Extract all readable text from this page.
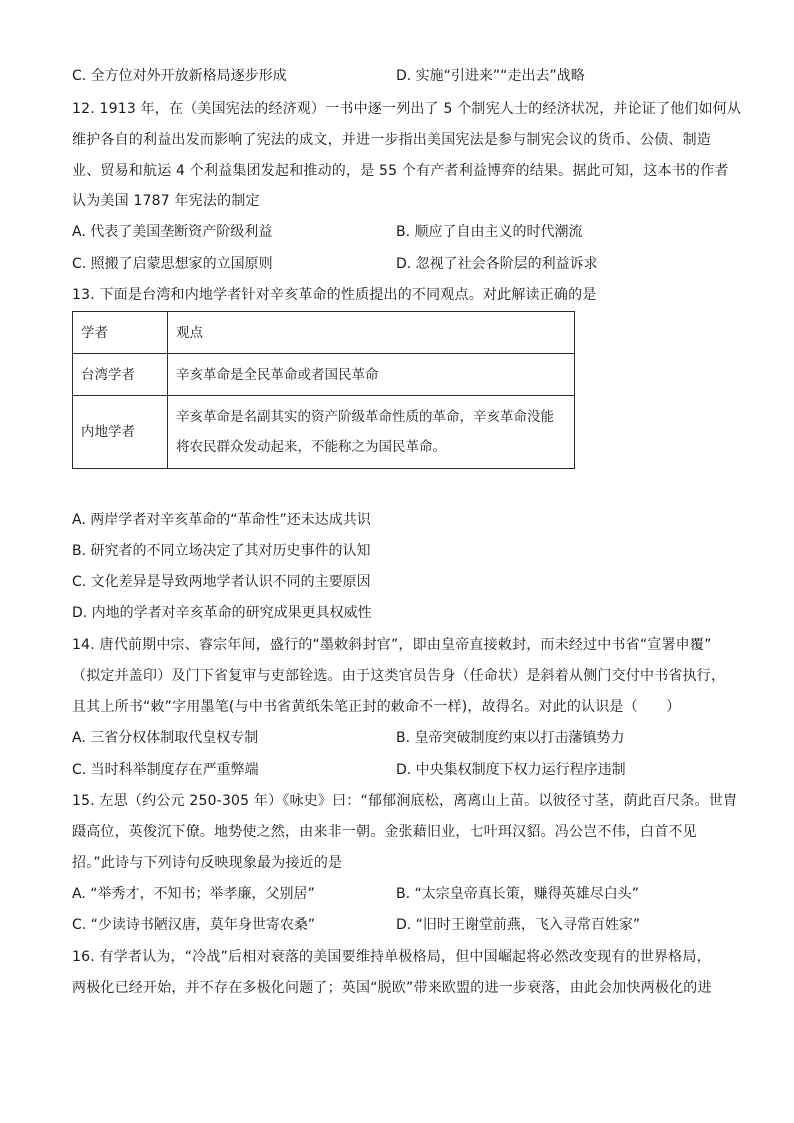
C. 全方位对外开放新格局逐步形成	D. 实施“引进来”“走出去”战略
12. 1913 年，在（美国宪法的经济观）一书中逐一列出了 5 个制宪人士的经济状况，并论证了他们如何从
维护各自的利益出发而影响了宪法的成文，并进一步指出美国宪法是参与制宪会议的货币、公债、制造
业、贸易和航运 4 个利益集团发起和推动的，是 55 个有产者利益博弈的结果。据此可知，这本书的作者
认为美国 1787 年宪法的制定
A. 代表了美国垄断资产阶级利益	B. 顺应了自由主义的时代潮流
C. 照搬了启蒙思想家的立国原则	D. 忽视了社会各阶层的利益诉求
13. 下面是台湾和内地学者针对辛亥革命的性质提出的不同观点。对此解读正确的是
学者	观点
台湾学者	辛亥革命是全民革命或者国民革命
内地学者	辛亥革命是名副其实的资产阶级革命性质的革命，辛亥革命没能
将农民群众发动起来，不能称之为国民革命。
A. 两岸学者对辛亥革命的“革命性”还未达成共识
B. 研究者的不同立场决定了其对历史事件的认知
C. 文化差异是导致两地学者认识不同的主要原因
D. 内地的学者对辛亥革命的研究成果更具权威性
14. 唐代前期中宗、睿宗年间，盛行的“墨敕斜封官”，即由皇帝直接敕封，而未经过中书省“宣署申覆”
（拟定并盖印）及门下省复审与吏部铨选。由于这类官员告身（任命状）是斜着从侧门交付中书省执行，
且其上所书“敕”字用墨笔(与中书省黄纸朱笔正封的敕命不一样)，故得名。对此的认识是（　　）
A. 三省分权体制取代皇权专制	B. 皇帝突破制度约束以打击藩镇势力
C. 当时科举制度存在严重弊端	D. 中央集权制度下权力运行程序违制
15. 左思（约公元 250-305 年）《咏史》曰：“郁郁涧底松，离离山上苗。以彼径寸茎，荫此百尺条。世胄
蹑高位，英俊沉下僚。地势使之然，由来非一朝。金张藉旧业，七叶珥汉貂。冯公岂不伟，白首不见
招。”此诗与下列诗句反映现象最为接近的是
A. “举秀才，不知书；举孝廉，父别居”	B. “太宗皇帝真长策，赚得英雄尽白头”
C. “少读诗书陋汉唐，莫年身世寄农桑”	D. “旧时王谢堂前燕，飞入寻常百姓家”
16. 有学者认为，“冷战”后相对衰落的美国要维持单极格局，但中国崛起将必然改变现有的世界格局，
两极化已经开始，并不存在多极化问题了；英国“脱欧”带来欧盟的进一步衰落，由此会加快两极化的进
